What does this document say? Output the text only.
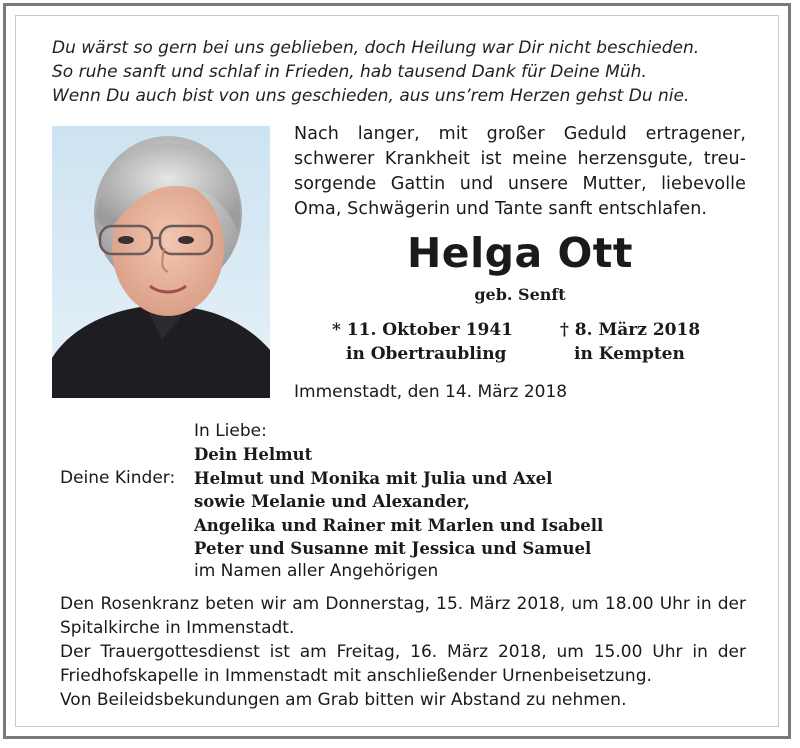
Du wärst so gern bei uns geblieben, doch Heilung war Dir nicht beschieden.
So ruhe sanft und schlaf in Frieden, hab tausend Dank für Deine Müh.
Wenn Du auch bist von uns geschieden, aus uns’rem Herzen gehst Du nie.
Nach langer, mit großer Geduld ertragener, schwerer Krankheit ist meine herzensgute, treusorgende Gattin und unsere Mutter, liebevolle Oma, Schwägerin und Tante sanft entschlafen.
Helga Ott
geb. Senft
* 11. Oktober 1941
in Obertraubling
† 8. März 2018
in Kempten
Immenstadt, den 14. März 2018
Deine Kinder:
In Liebe:
Dein Helmut
Helmut und Monika mit Julia und Axel
sowie Melanie und Alexander,
Angelika und Rainer mit Marlen und Isabell
Peter und Susanne mit Jessica und Samuel
im Namen aller Angehörigen

Den Rosenkranz beten wir am Donnerstag, 15. März 2018, um 18.00 Uhr in der Spitalkirche in Immenstadt.

Der Trauergottesdienst ist am Freitag, 16. März 2018, um 15.00 Uhr in der Friedhofskapelle in Immenstadt mit anschließender Urnenbeisetzung.

Von Beileidsbekundungen am Grab bitten wir Abstand zu nehmen.
